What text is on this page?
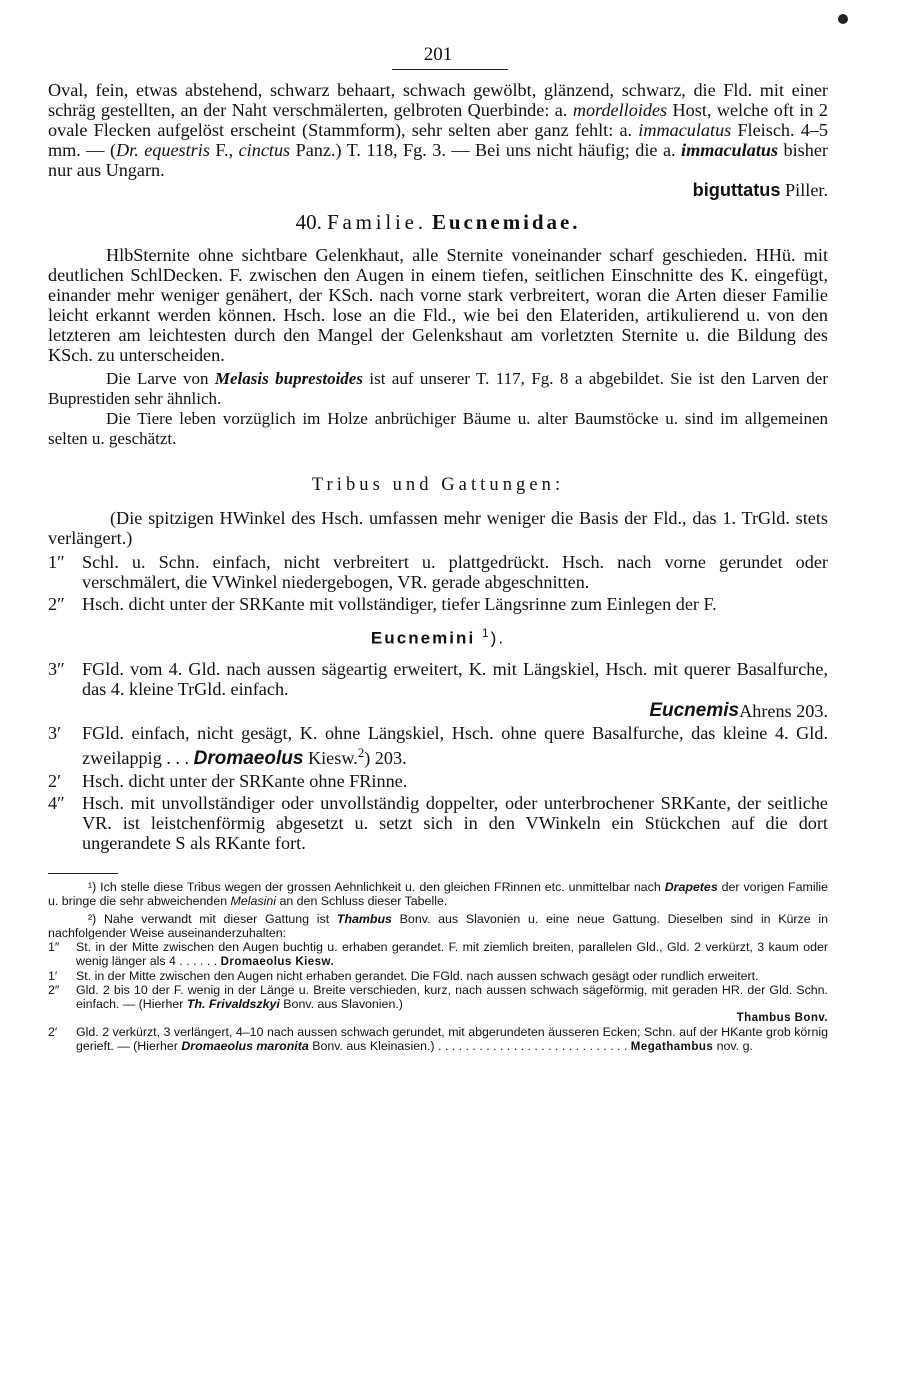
201

Oval, fein, etwas abstehend, schwarz behaart, schwach gewölbt, glänzend, schwarz, die Fld. mit einer schräg gestellten, an der Naht verschmälerten, gelbroten Querbinde: a. mordelloides Host, welche oft in 2 ovale Flecken aufgelöst erscheint (Stammform), sehr selten aber ganz fehlt: a. immaculatus Fleisch. 4–5 mm. — (Dr. equestris F., cinctus Panz.) T. 118, Fg. 3. — Bei uns nicht häufig; die a. immaculatus bisher nur aus Ungarn.

biguttatus Piller.

40. Familie. Eucnemidae.

HlbSternite ohne sichtbare Gelenkhaut, alle Sternite voneinander scharf geschieden. HHü. mit deutlichen SchlDecken. F. zwischen den Augen in einem tiefen, seitlichen Einschnitte des K. eingefügt, einander mehr weniger genähert, der KSch. nach vorne stark verbreitert, woran die Arten dieser Familie leicht erkannt werden können. Hsch. lose an die Fld., wie bei den Elateriden, artikulierend u. von den letzteren am leichtesten durch den Mangel der Gelenkshaut am vorletzten Sternite u. die Bildung des KSch. zu unterscheiden.

Die Larve von Melasis buprestoides ist auf unserer T. 117, Fg. 8 a abgebildet. Sie ist den Larven der Buprestiden sehr ähnlich.

Die Tiere leben vorzüglich im Holze anbrüchiger Bäume u. alter Baumstöcke u. sind im allgemeinen selten u. geschätzt.

Tribus und Gattungen:

(Die spitzigen HWinkel des Hsch. umfassen mehr weniger die Basis der Fld., das 1. TrGld. stets verlängert.)

1″ Schl. u. Schn. einfach, nicht verbreitert u. plattgedrückt. Hsch. nach vorne gerundet oder verschmälert, die VWinkel niedergebogen, VR. gerade abgeschnitten.
2″ Hsch. dicht unter der SRKante mit vollständiger, tiefer Längsrinne zum Einlegen der F.
Eucnemini $^1$).
3″ FGld. vom 4. Gld. nach aussen sägeartig erweitert, K. mit Längskiel, Hsch. mit querer Basalfurche, das 4. kleine TrGld. einfach.
Eucnemis Ahrens 203.
3′	FGld. einfach, nicht gesägt, K. ohne Längskiel, Hsch. ohne quere Basalfurche, das kleine 4. Gld. zweilappig . . . Dromaeolus Kiesw.$^2$) 203.
2′	Hsch. dicht unter der SRKante ohne FRinne.
4″ Hsch. mit unvollständiger oder unvollständig doppelter, oder unterbrochener SRKante, der seitliche VR. ist leistchenförmig abgesetzt u. setzt sich in den VWinkeln ein Stückchen auf die dort ungerandete S als RKante fort.

¹) Ich stelle diese Tribus wegen der grossen Aehnlichkeit u. den gleichen FRinnen etc. unmittelbar nach Drapetes der vorigen Familie u. bringe die sehr abweichenden Melasini an den Schluss dieser Tabelle.

²) Nahe verwandt mit dieser Gattung ist Thambus Bonv. aus Slavonien u. eine neue Gattung. Dieselben sind in Kürze in nachfolgender Weise auseinanderzuhalten:

1″	St. in der Mitte zwischen den Augen buchtig u. erhaben gerandet. F. mit ziemlich breiten, parallelen Gld., Gld. 2 verkürzt, 3 kaum oder wenig länger als 4 . . . . . . Dromaeolus Kiesw.
1′	St. in der Mitte zwischen den Augen nicht erhaben gerandet. Die FGld. nach aussen schwach gesägt oder rundlich erweitert.
2″	Gld. 2 bis 10 der F. wenig in der Länge u. Breite verschieden, kurz, nach aussen schwach sägeförmig, mit geraden HR. der Gld. Schn. einfach. — (Hierher Th. Frivaldszkyi Bonv. aus Slavonien.)
Thambus Bonv.
2′	Gld. 2 verkürzt, 3 verlängert, 4–10 nach aussen schwach gerundet, mit abgerundeten äusseren Ecken; Schn. auf der HKante grob körnig gerieft. — (Hierher Dromaeolus maronita Bonv. aus Kleinasien.) . . . . . . . . . . . . . . . . . . . . . . . . . . . . Megathambus nov. g.
